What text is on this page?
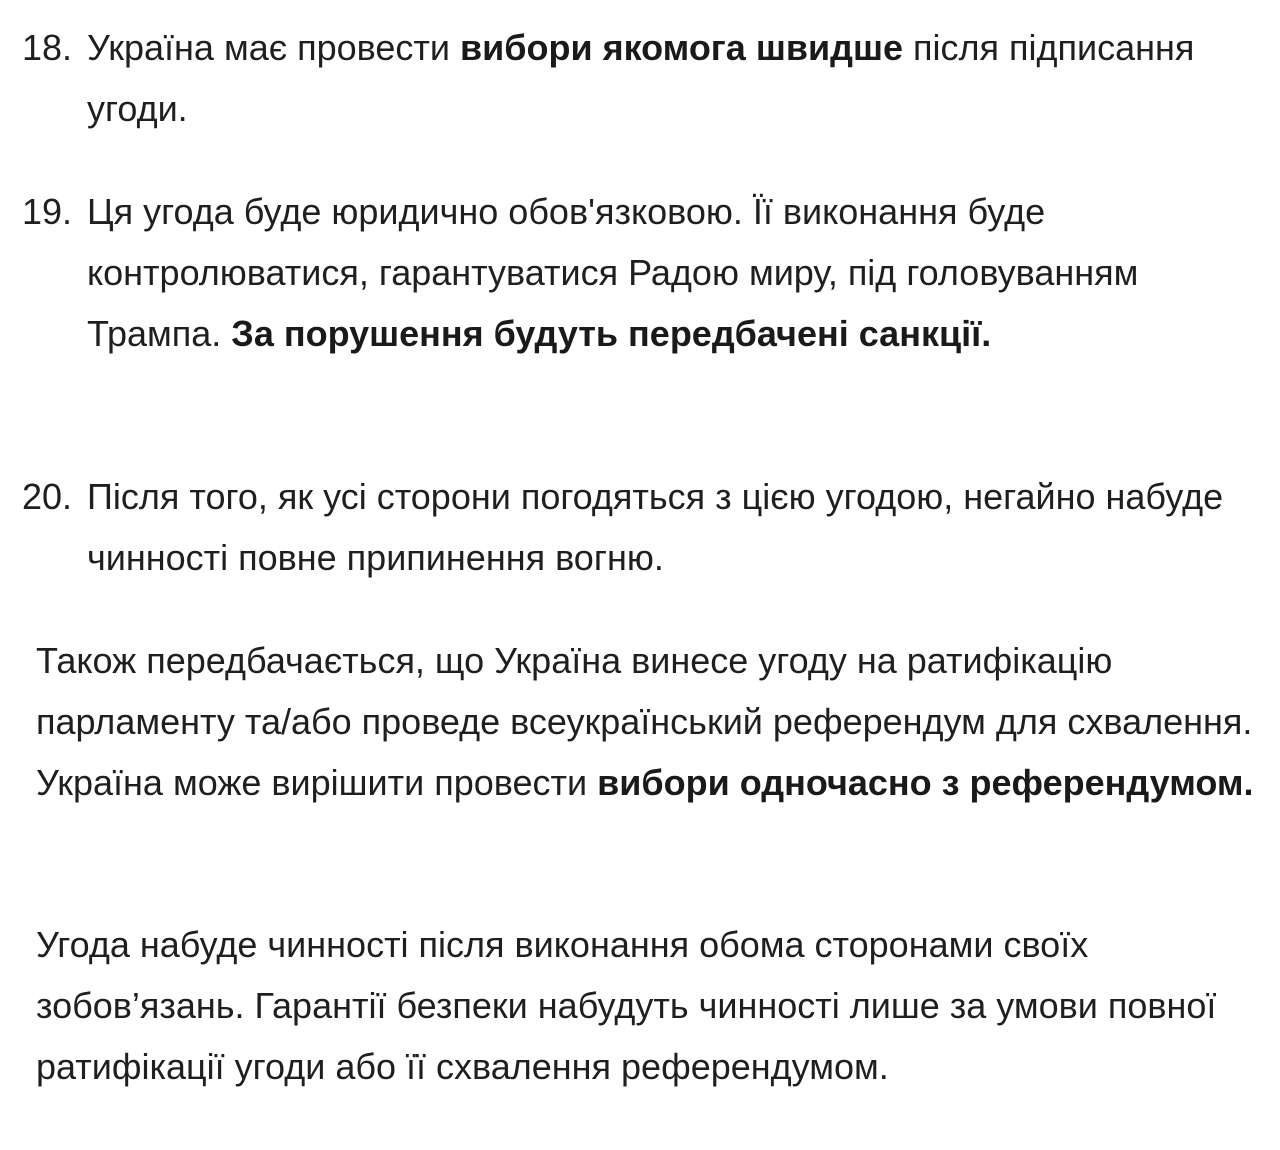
18. Україна має провести вибори якомога швидше після підписання угоди.
19. Ця угода буде юридично обов'язковою. Її виконання буде контролюватися, гарантуватися Радою миру, під головуванням Трампа. За порушення будуть передбачені санкції.
20. Після того, як усі сторони погодяться з цією угодою, негайно набуде чинності повне припинення вогню.

Також передбачається, що Україна винесе угоду на ратифікацію парламенту та/або проведе всеукраїнський референдум для схвалення. Україна може вирішити провести вибори одночасно з референдумом.

Угода набуде чинності після виконання обома сторонами своїх зобов’язань. Гарантії безпеки набудуть чинності лише за умови повної ратифікації угоди або її схвалення референдумом.
